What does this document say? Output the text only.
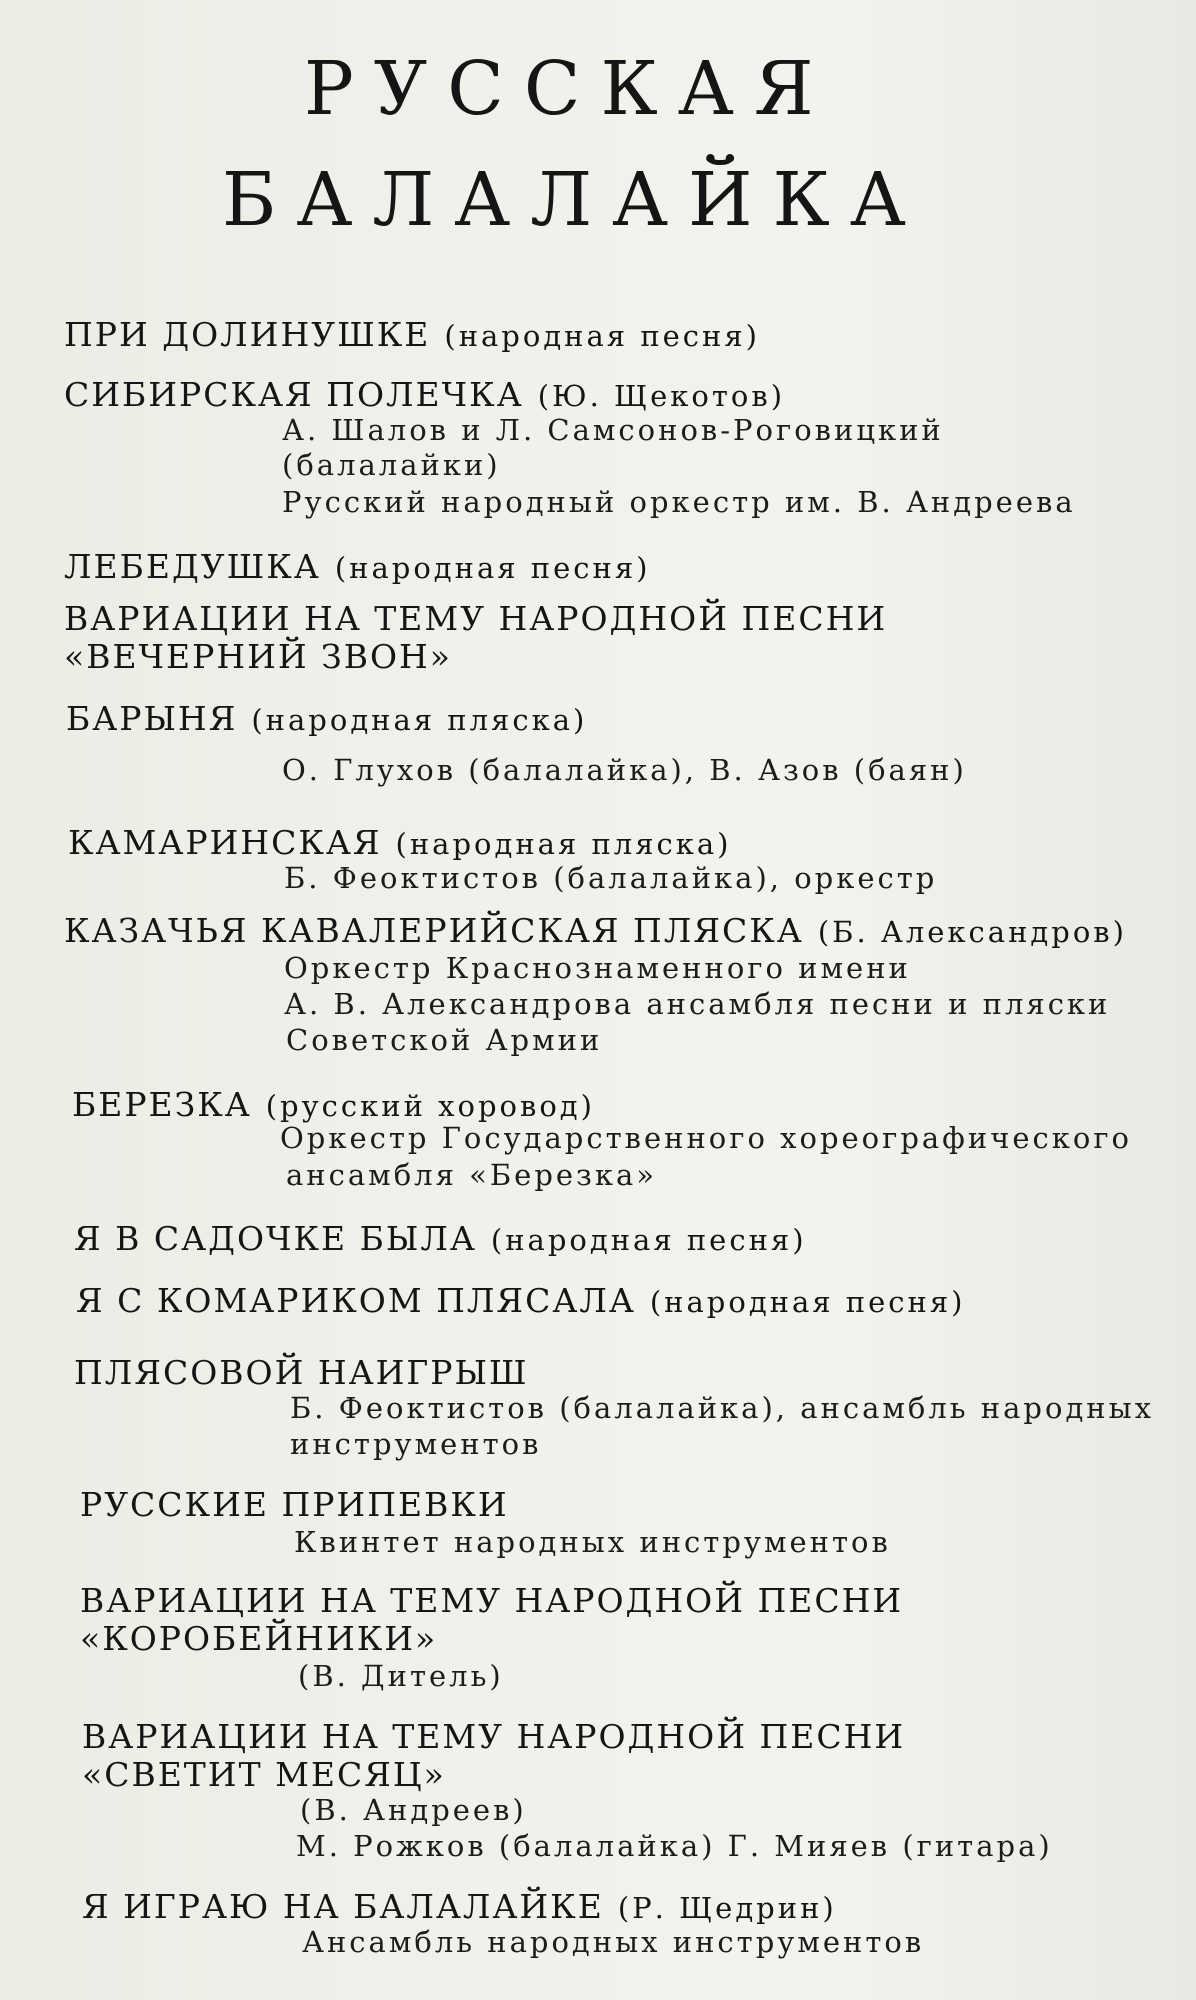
РУССКАЯ
БАЛАЛАЙКА
ПРИ ДОЛИНУШКЕ (народная песня)
СИБИРСКАЯ ПОЛЕЧКА (Ю. Щекотов)
А. Шалов и Л. Самсонов-Роговицкий
(балалайки)
Русский народный оркестр им. В. Андреева
ЛЕБЕДУШКА (народная песня)
ВАРИАЦИИ НА ТЕМУ НАРОДНОЙ ПЕСНИ
«ВЕЧЕРНИЙ ЗВОН»
БАРЫНЯ (народная пляска)
О. Глухов (балалайка), В. Азов (баян)
КАМАРИНСКАЯ (народная пляска)
Б. Феоктистов (балалайка), оркестр
КАЗАЧЬЯ КАВАЛЕРИЙСКАЯ ПЛЯСКА (Б. Александров)
Оркестр Краснознаменного имени
А. В. Александрова ансамбля песни и пляски
Советской Армии
БЕРЕЗКА (русский хоровод)
Оркестр Государственного хореографического
ансамбля «Березка»
Я В САДОЧКЕ БЫЛА (народная песня)
Я С КОМАРИКОМ ПЛЯСАЛА (народная песня)
ПЛЯСОВОЙ НАИГРЫШ
Б. Феоктистов (балалайка), ансамбль народных
инструментов
РУССКИЕ ПРИПЕВКИ
Квинтет народных инструментов
ВАРИАЦИИ НА ТЕМУ НАРОДНОЙ ПЕСНИ
«КОРОБЕЙНИКИ»
(В. Дитель)
ВАРИАЦИИ НА ТЕМУ НАРОДНОЙ ПЕСНИ
«СВЕТИТ МЕСЯЦ»
(В. Андреев)
М. Рожков (балалайка) Г. Мияев (гитара)
Я ИГРАЮ НА БАЛАЛАЙКЕ (Р. Щедрин)
Ансамбль народных инструментов
